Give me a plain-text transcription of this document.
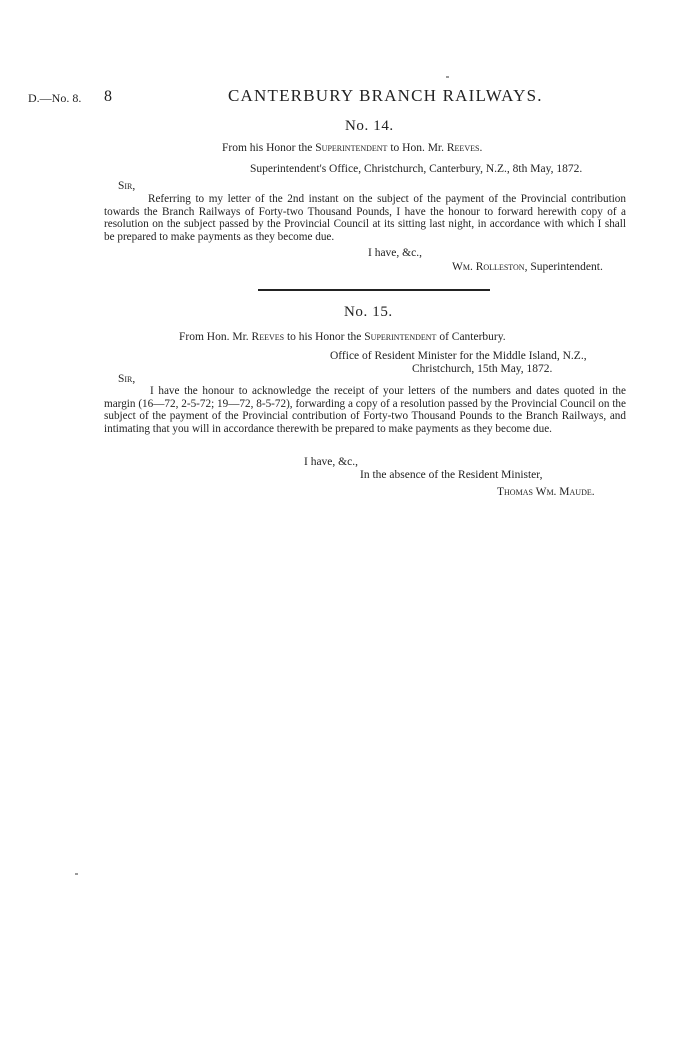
D.—No. 8. 8	CANTERBURY BRANCH RAILWAYS.
No. 14.
From his Honor the Superintendent to Hon. Mr. Reeves.
Superintendent's Office, Christchurch, Canterbury, N.Z., 8th May, 1872.
Sir,
Referring to my letter of the 2nd instant on the subject of the payment of the Provincial contribution towards the Branch Railways of Forty-two Thousand Pounds, I have the honour to forward herewith copy of a resolution on the subject passed by the Provincial Council at its sitting last night, in accordance with which I shall be prepared to make payments as they become due.
I have, &c.,
Wm. Rolleston, Superintendent.
No. 15.
From Hon. Mr. Reeves to his Honor the Superintendent of Canterbury.
Office of Resident Minister for the Middle Island, N.Z.,
Christchurch, 15th May, 1872.
Sir,
I have the honour to acknowledge the receipt of your letters of the numbers and dates quoted in the margin (16—72, 2-5-72; 19—72, 8-5-72), forwarding a copy of a resolution passed by the Provincial Council on the subject of the payment of the Provincial contribution of Forty-two Thousand Pounds to the Branch Railways, and intimating that you will in accordance therewith be prepared to make payments as they become due.
I have, &c.,
In the absence of the Resident Minister,
Thomas Wm. Maude.
